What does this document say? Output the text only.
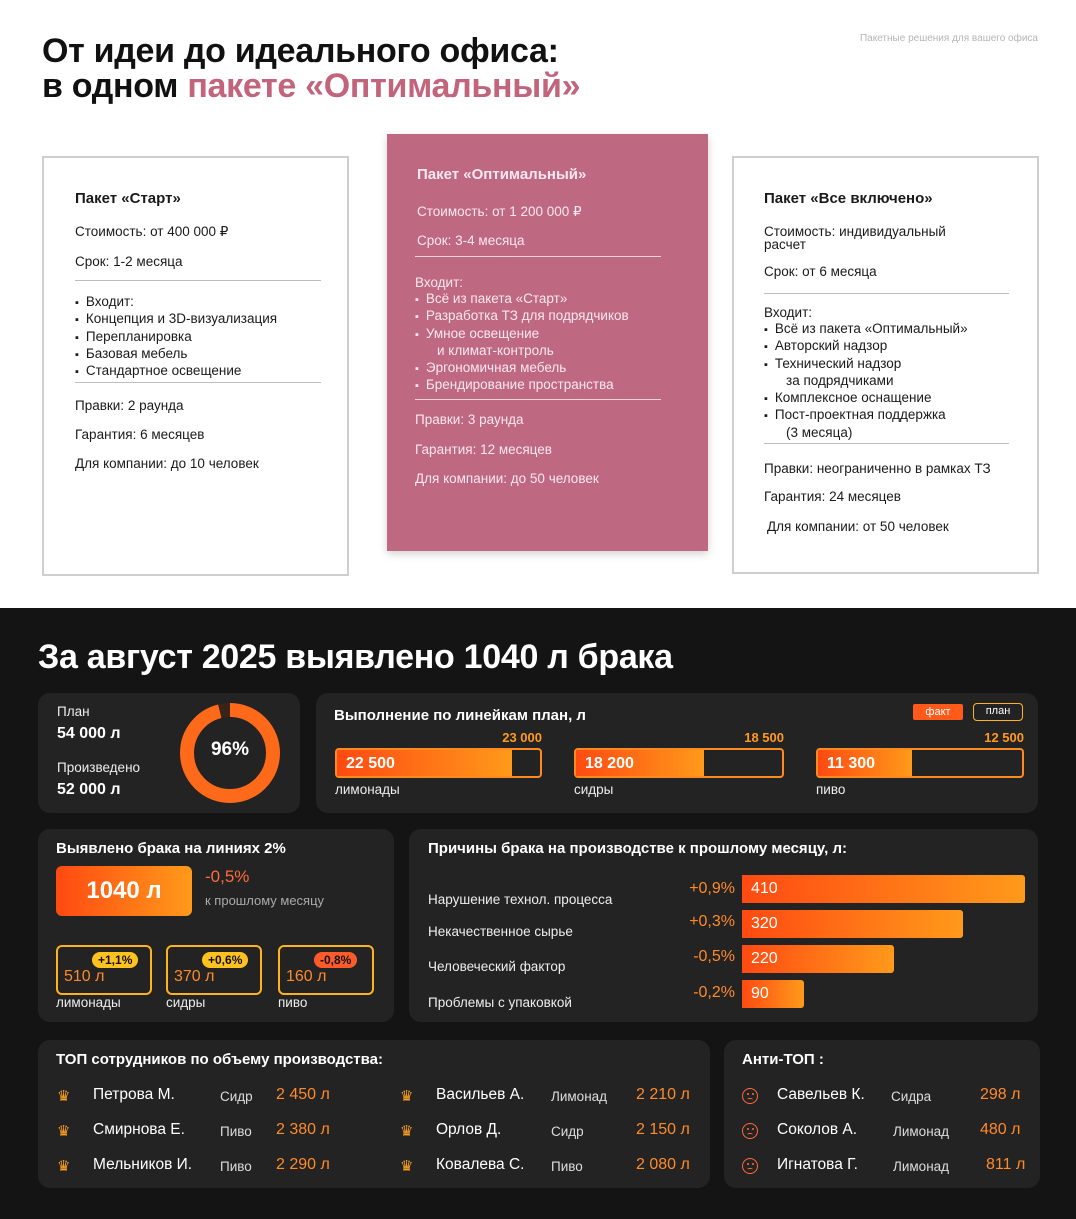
От идеи до идеального офиса:
в одном пакете «Оптимальный»
Пакетные решения для вашего офиса
Пакет «Старт»
Стоимость: от 400 000 ₽
Срок: 1-2 месяца
▪ Входит:
▪ Концепция и 3D-визуализация
▪ Перепланировка
▪ Базовая мебель
▪ Стандартное освещение
Правки: 2 раунда
Гарантия: 6 месяцев
Для компании: до 10 человек
Пакет «Оптимальный»
Стоимость: от 1 200 000 ₽
Срок: 3-4 месяца
Входит:
▪ Всё из пакета «Старт»
▪ Разработка ТЗ для подрядчиков
▪ Умное освещение
и климат-контроль
▪ Эргономичная мебель
▪ Брендирование пространства
Правки: 3 раунда
Гарантия: 12 месяцев
Для компании: до 50 человек
Пакет «Все включено»
Стоимость: индивидуальный
расчет
Срок: от 6 месяца
Входит:
▪ Всё из пакета «Оптимальный»
▪ Авторский надзор
▪ Технический надзор
за подрядчиками
▪ Комплексное оснащение
▪ Пост-проектная поддержка
(3 месяца)
Правки: неограниченно в рамках ТЗ
Гарантия: 24 месяцев
Для компании: от 50 человек
За август 2025 выявлено 1040 л брака
План
54 000 л
Произведено
52 000 л
96%
Выполнение по линейкам план, л	факт	план
23 000
22 500
лимонады
18 500
18 200
сидры
12 500
11 300
пиво
Выявлено брака на линиях 2%
1040 л
-0,5%
к прошлому месяцу
510 л
+1,1%
лимонады
370 л
+0,6%
сидры
160 л
-0,8%
пиво
Причины брака на производстве к прошлому месяцу, л:
Нарушение технол. процесса
+0,9% 410
Некачественное сырье
+0,3% 320
Человеческий фактор
-0,5% 220
Проблемы с упаковкой
-0,2% 90
ТОП сотрудников по объему производства:
♛ Петрова М.	Сидр 2 450 л
♛ Смирнова Е.	Пиво 2 380 л
♛ Мельников И. Пиво 2 290 л
♛ Васильев А. Лимонад 2 210 л
♛ Орлов Д.	Сидр	2 150 л
♛ Ковалева С. Пиво	2 080 л
Анти-ТОП :
Савельев К. Сидра	298 л
Соколов А.	Лимонад 480 л
Игнатова Г.	Лимонад 811 л
